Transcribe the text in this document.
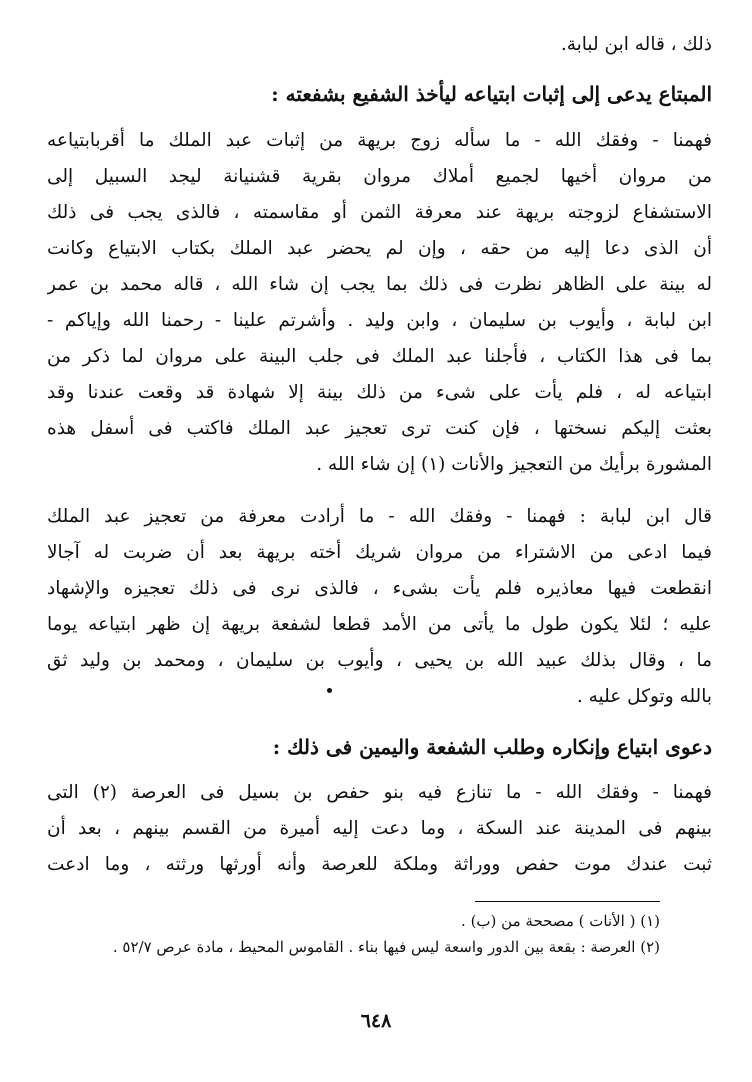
ذلك ، قاله ابن لبابة.
المبتاع يدعى إلى إثبات ابتياعه ليأخذ الشفيع بشفعته :
فهمنا - وفقك الله - ما سأله زوج بريهة من إثبات عبد الملك ما أقربابتياعه
من مروان أخيها لجميع أملاك مروان بقرية قشنيانة ليجد السبيل إلى
الاستشفاع لزوجته بريهة عند معرفة الثمن أو مقاسمته ، فالذى يجب فى ذلك
أن الذى دعا إليه من حقه ، وإن لم يحضر عبد الملك بكتاب الابتياع وكانت
له بينة على الظاهر نظرت فى ذلك بما يجب إن شاء الله ، قاله محمد بن عمر
ابن لبابة ، وأيوب بن سليمان ، وابن وليد . وأشرتم علينا - رحمنا الله وإياكم -
بما فى هذا الكتاب ، فأجلنا عبد الملك فى جلب البينة على مروان لما ذكر من
ابتياعه له ، فلم يأت على شىء من ذلك بينة إلا شهادة قد وقعت عندنا وقد
بعثت إليكم نسختها ، فإن كنت ترى تعجيز عبد الملك فاكتب فى أسفل هذه
المشورة برأيك من التعجيز والأنات (١) إن شاء الله .
قال ابن لبابة : فهمنا - وفقك الله - ما أرادت معرفة من تعجيز عبد الملك
فيما ادعى من الاشتراء من مروان شريك أخته بريهة بعد أن ضربت له آجالا
انقطعت فيها معاذيره فلم يأت بشىء ، فالذى نرى فى ذلك تعجيزه والإشهاد
عليه ؛ لئلا يكون طول ما يأتى من الأمد قطعا لشفعة بريهة إن ظهر ابتياعه يوما
ما ، وقال بذلك عبيد الله بن يحيى ، وأيوب بن سليمان ، ومحمد بن وليد ثق
بالله وتوكل عليه .
دعوى ابتياع وإنكاره وطلب الشفعة واليمين فى ذلك :
فهمنا - وفقك الله - ما تنازع فيه بنو حفص بن بسيل فى العرصة (٢) التى
بينهم فى المدينة عند السكة ، وما دعت إليه أميرة من القسم بينهم ، بعد أن
ثبت عندك موت حفص ووراثة وملكة للعرصة وأنه أورثها ورثته ، وما ادعت
(١) ( الأنات ) مصححة من (ب) .
(٢) العرصة : بقعة بين الدور واسعة ليس فيها بناء . القاموس المحيط ، مادة عرص ٥٢/٧ .
٦٤٨
